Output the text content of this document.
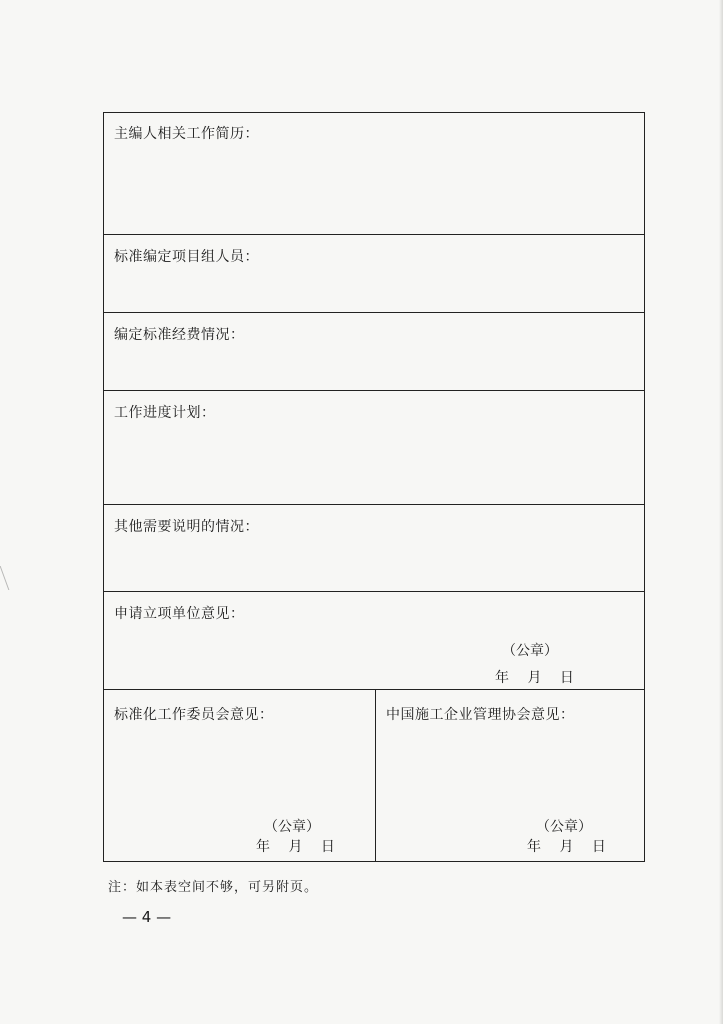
主编人相关工作简历：
标准编定项目组人员：
编定标准经费情况：
工作进度计划：
其他需要说明的情况：
申请立项单位意见：
（公章）
年 月 日
标准化工作委员会意见：
（公章）
年 月 日
中国施工企业管理协会意见：
（公章）
年 月 日
注：如本表空间不够，可另附页。
— 4 —
